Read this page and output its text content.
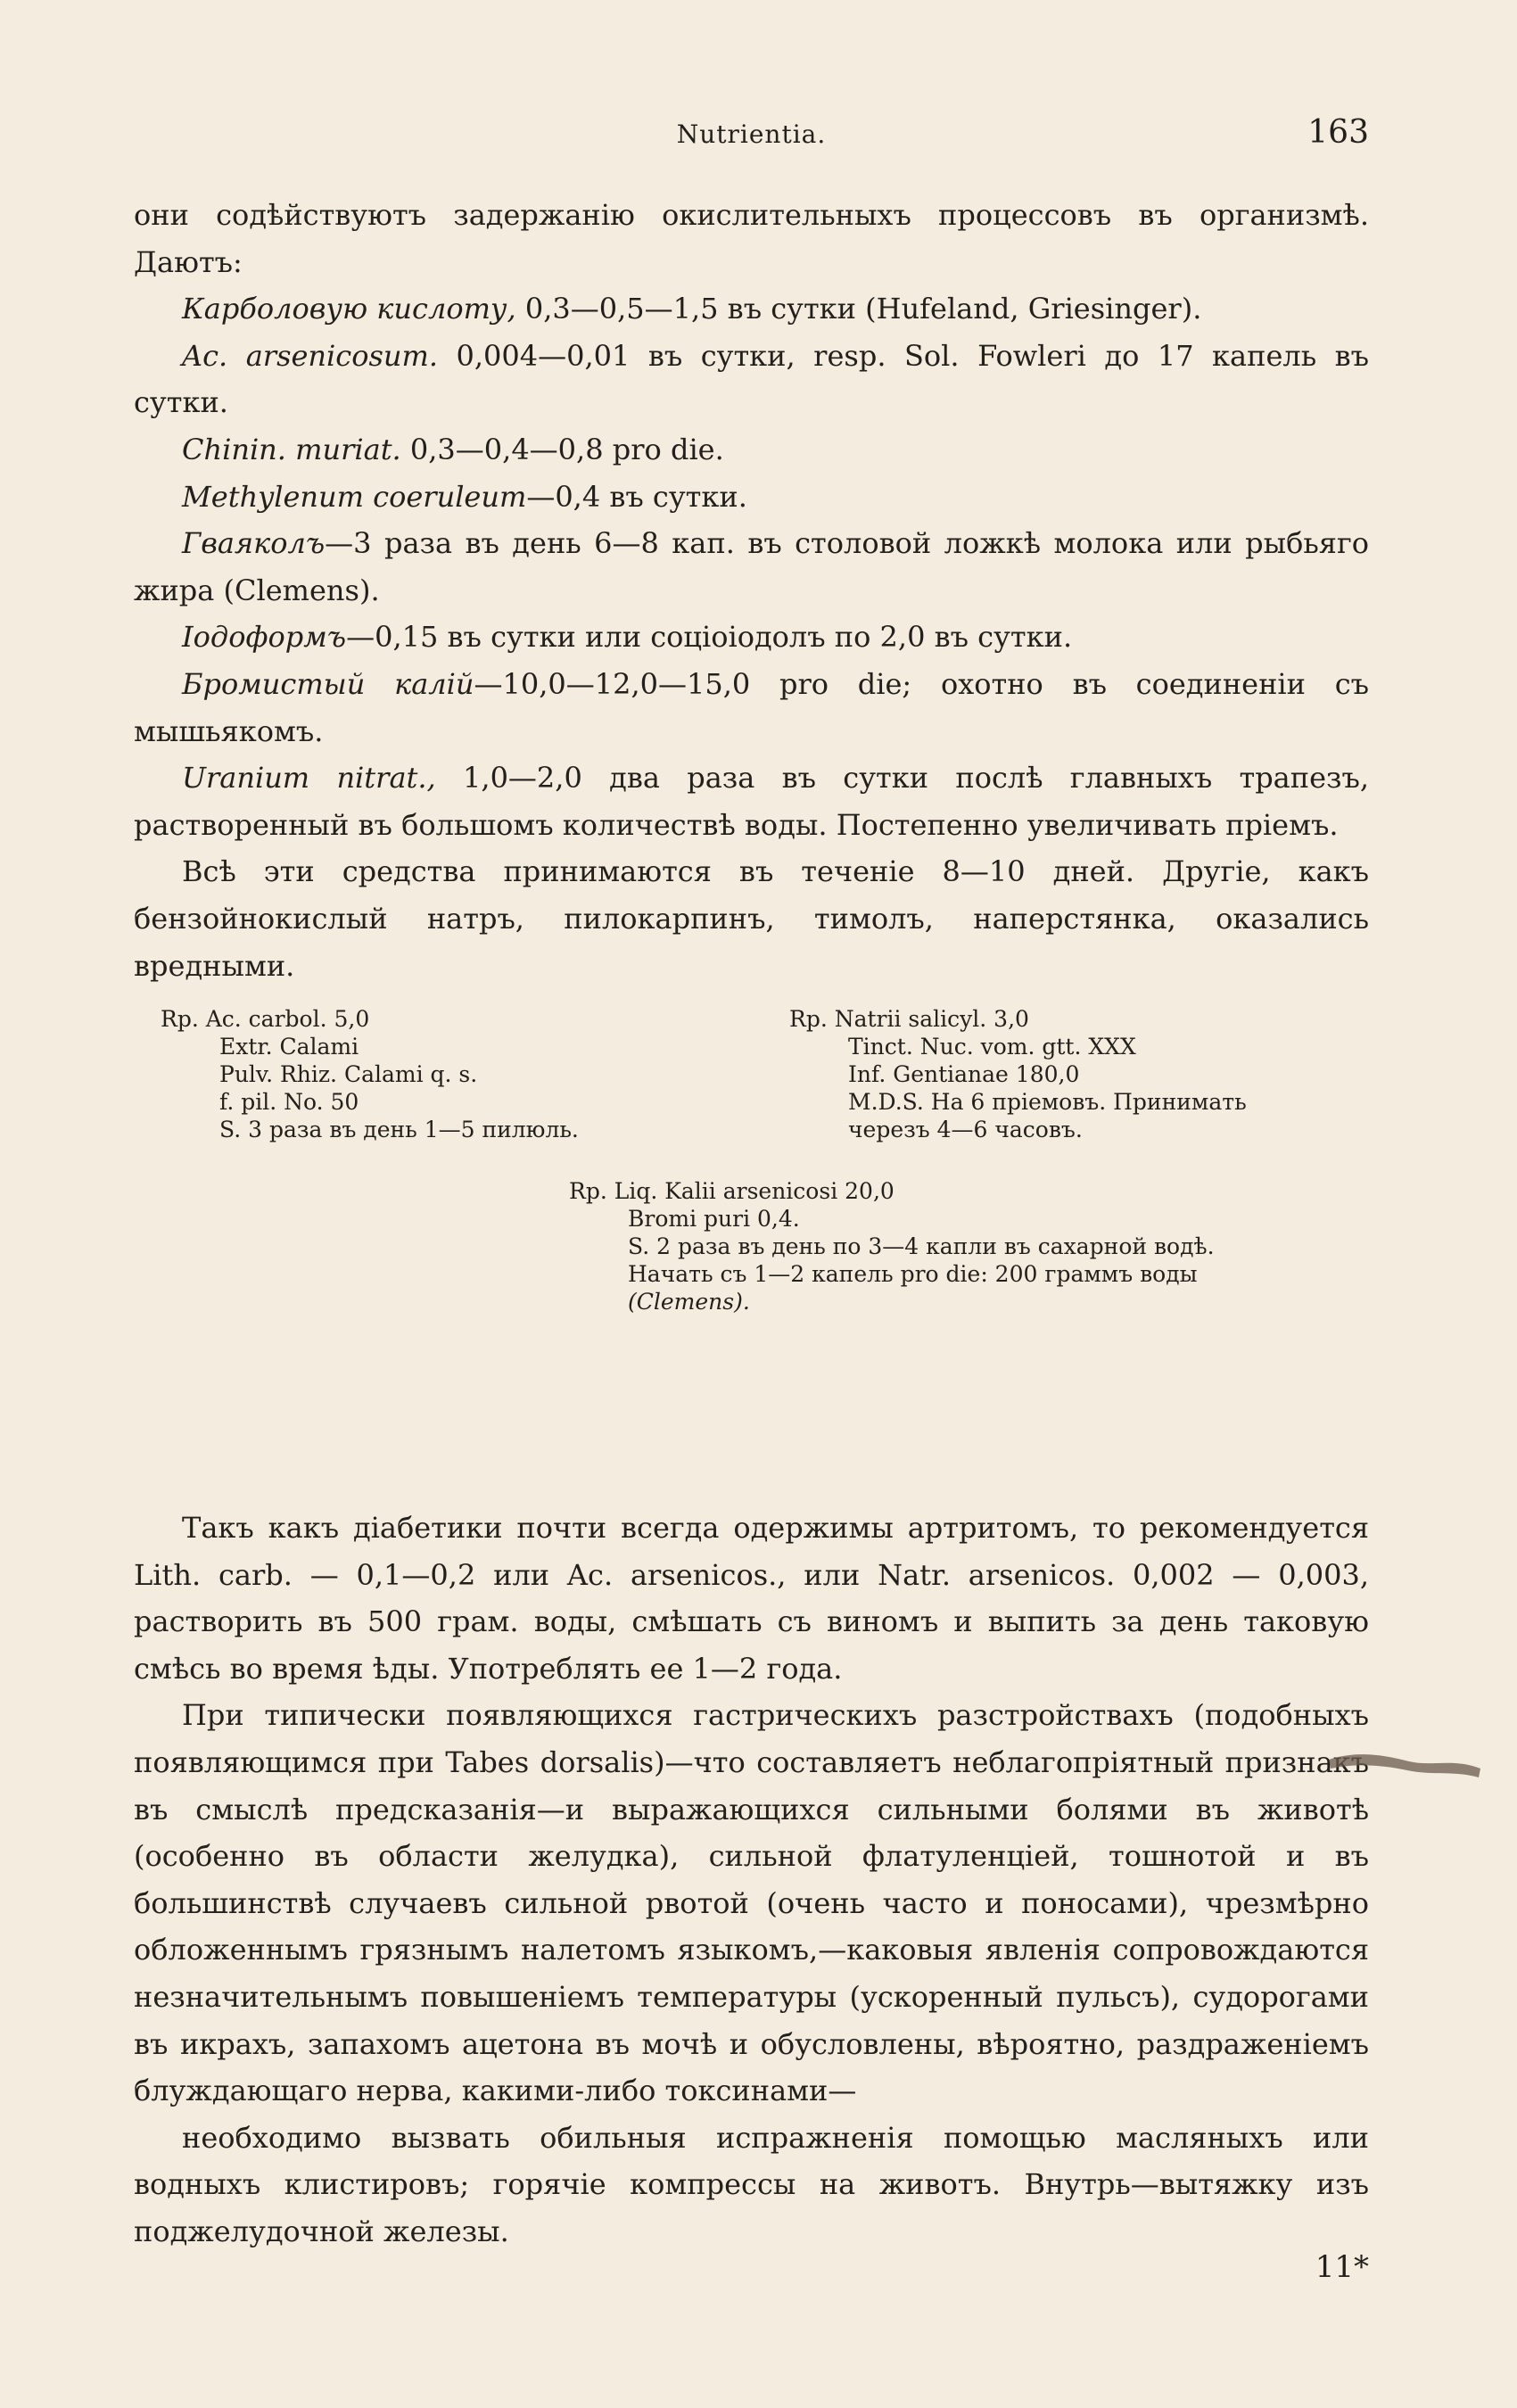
Nutrientia.	163

они содѣйствуютъ задержанію окислительныхъ процессовъ въ организмѣ. Даютъ:

Карболовую кислоту, 0,3—0,5—1,5 въ сутки (Hufeland, Griesinger).

Ac. arsenicosum. 0,004—0,01 въ сутки, resp. Sol. Fowleri до 17 капель въ сутки.

Chinin. muriat. 0,3—0,4—0,8 pro die.

Methylenum coeruleum—0,4 въ сутки.

Гваяколъ—3 раза въ день 6—8 кап. въ столовой ложкѣ молока или рыбьяго жира (Clemens).

Іодоформъ—0,15 въ сутки или соціоіодолъ по 2,0 въ сутки.

Бромистый калій—10,0—12,0—15,0 pro die; охотно въ соединеніи съ мышьякомъ.

Uranium nitrat., 1,0—2,0 два раза въ сутки послѣ главныхъ трапезъ, растворенный въ большомъ количествѣ воды. Постепенно увеличивать пріемъ.

Всѣ эти средства принимаются въ теченіе 8—10 дней. Другіе, какъ бензойнокислый натръ, пилокарпинъ, тимолъ, наперстянка, оказались вредными.

Rp. Ac. carbol. 5,0
Extr. Calami
Pulv. Rhiz. Calami q. s.
f. pil. No. 50
S. 3 раза въ день 1—5 пилюль.
Rp. Natrii salicyl. 3,0
Tinct. Nuc. vom. gtt. XXX
Inf. Gentianae 180,0
M.D.S. На 6 пріемовъ. Принимать
черезъ 4—6 часовъ.
Rp. Liq. Kalii arsenicosi 20,0
Bromi puri 0,4.
S. 2 раза въ день по 3—4 капли въ сахарной водѣ.
Начать съ 1—2 капель pro die: 200 граммъ воды
(Clemens).

Такъ какъ діабетики почти всегда одержимы артритомъ, то рекомендуется Lith. carb. — 0,1—0,2 или Ac. arsenicos., или Natr. arsenicos. 0,002 — 0,003, растворить въ 500 грам. воды, смѣшать съ виномъ и выпить за день таковую смѣсь во время ѣды. Употреблять ее 1—2 года.

При типически появляющихся гастрическихъ разстройствахъ (подобныхъ появляющимся при Tabes dorsalis)—что составляетъ неблагопріятный признакъ въ смыслѣ предсказанія—и выражающихся сильными болями въ животѣ (особенно въ области желудка), сильной флатуленціей, тошнотой и въ большинствѣ случаевъ сильной рвотой (очень часто и поносами), чрезмѣрно обложеннымъ грязнымъ налетомъ языкомъ,—каковыя явленія сопровождаются незначительнымъ повышеніемъ температуры (ускоренный пульсъ), судорогами въ икрахъ, запахомъ ацетона въ мочѣ и обусловлены, вѣроятно, раздраженіемъ блуждающаго нерва, какими-либо токсинами—

необходимо вызвать обильныя испражненія помощью масляныхъ или водныхъ клистировъ; горячіе компрессы на животъ. Внутрь—вытяжку изъ поджелудочной железы.

11*
